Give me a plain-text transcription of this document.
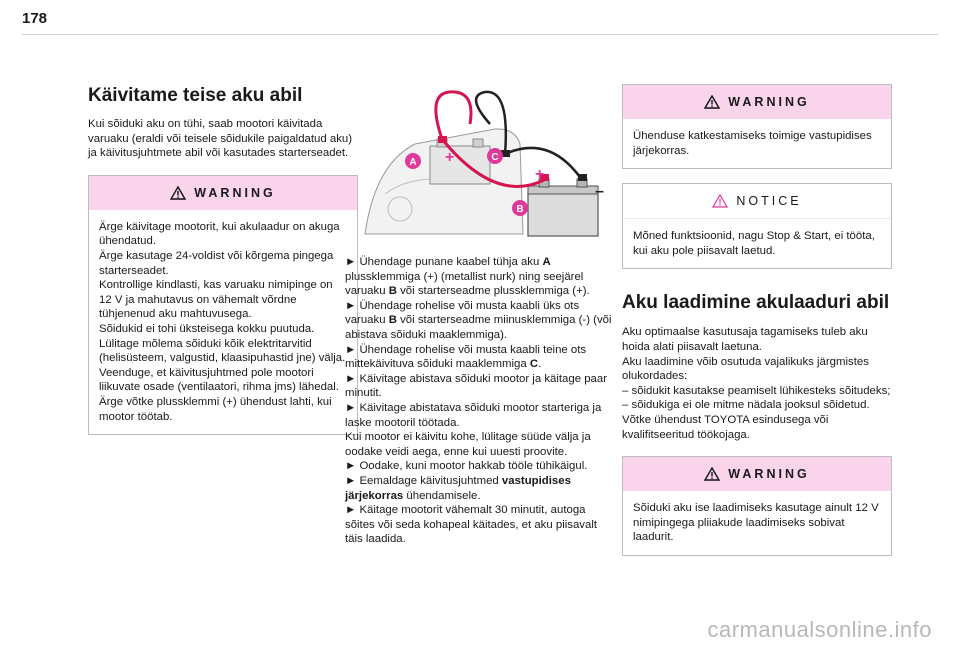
178
Käivitame teise aku abil

Kui sõiduki aku on tühi, saab mootori käivitada varuaku (eraldi või teisele sõidukile paigaldatud aku) ja käivitusjuhtmete abil või kasutades starterseadet.

WARNING
Ärge käivitage mootorit, kui akulaadur on akuga ühendatud.
Ärge kasutage 24-voldist või kõrgema pingega starterseadet.
Kontrollige kindlasti, kas varuaku nimipinge on 12 V ja mahutavus on vähemalt võrdne tühjenenud aku mahtuvusega.
Sõidukid ei tohi üksteisega kokku puutuda.
Lülitage mõlema sõiduki kõik elektritarvitid (helisüsteem, valgustid, klaasipuhastid jne) välja.
Veenduge, et käivitusjuhtmed pole mootori liikuvate osade (ventilaatori, rihma jms) lähedal.
Ärge võtke plussklemmi (+) ühendust lahti, kui mootor töötab.
A	C
B
+
+
–
► Ühendage punane kaabel tühja aku A plussklemmiga (+) (metallist nurk) ning seejärel varuaku B või starterseadme plussklemmiga (+).
► Ühendage rohelise või musta kaabli üks ots varuaku B või starterseadme miinusklemmiga (-) (või abistava sõiduki maaklemmiga).
► Ühendage rohelise või musta kaabli teine ots mittekäivituva sõiduki maaklemmiga C.
► Käivitage abistava sõiduki mootor ja käitage paar minutit.
► Käivitage abistatava sõiduki mootor starteriga ja laske mootoril töötada.
Kui mootor ei käivitu kohe, lülitage süüde välja ja oodake veidi aega, enne kui uuesti proovite.
► Oodake, kuni mootor hakkab tööle tühikäigul.
► Eemaldage käivitusjuhtmed vastupidises järjekorras ühendamisele.
► Käitage mootorit vähemalt 30 minutit, autoga sõites või seda kohapeal käitades, et aku piisavalt täis laadida.
WARNING
Ühenduse katkestamiseks toimige vastupidises järjekorras.
NOTICE
Mõned funktsioonid, nagu Stop & Start, ei tööta, kui aku pole piisavalt laetud.
Aku laadimine akulaaduri abil
Aku optimaalse kasutusaja tagamiseks tuleb aku hoida alati piisavalt laetuna.
Aku laadimine võib osutuda vajalikuks järgmistes olukordades:
– sõidukit kasutakse peamiselt lühikesteks sõitudeks;
– sõidukiga ei ole mitme nädala jooksul sõidetud.
Võtke ühendust TOYOTA esindusega või kvalifitseeritud töökojaga.
WARNING
Sõiduki aku ise laadimiseks kasutage ainult 12 V nimipingega pliiakude laadimiseks sobivat laadurit.
carmanualsonline.info
